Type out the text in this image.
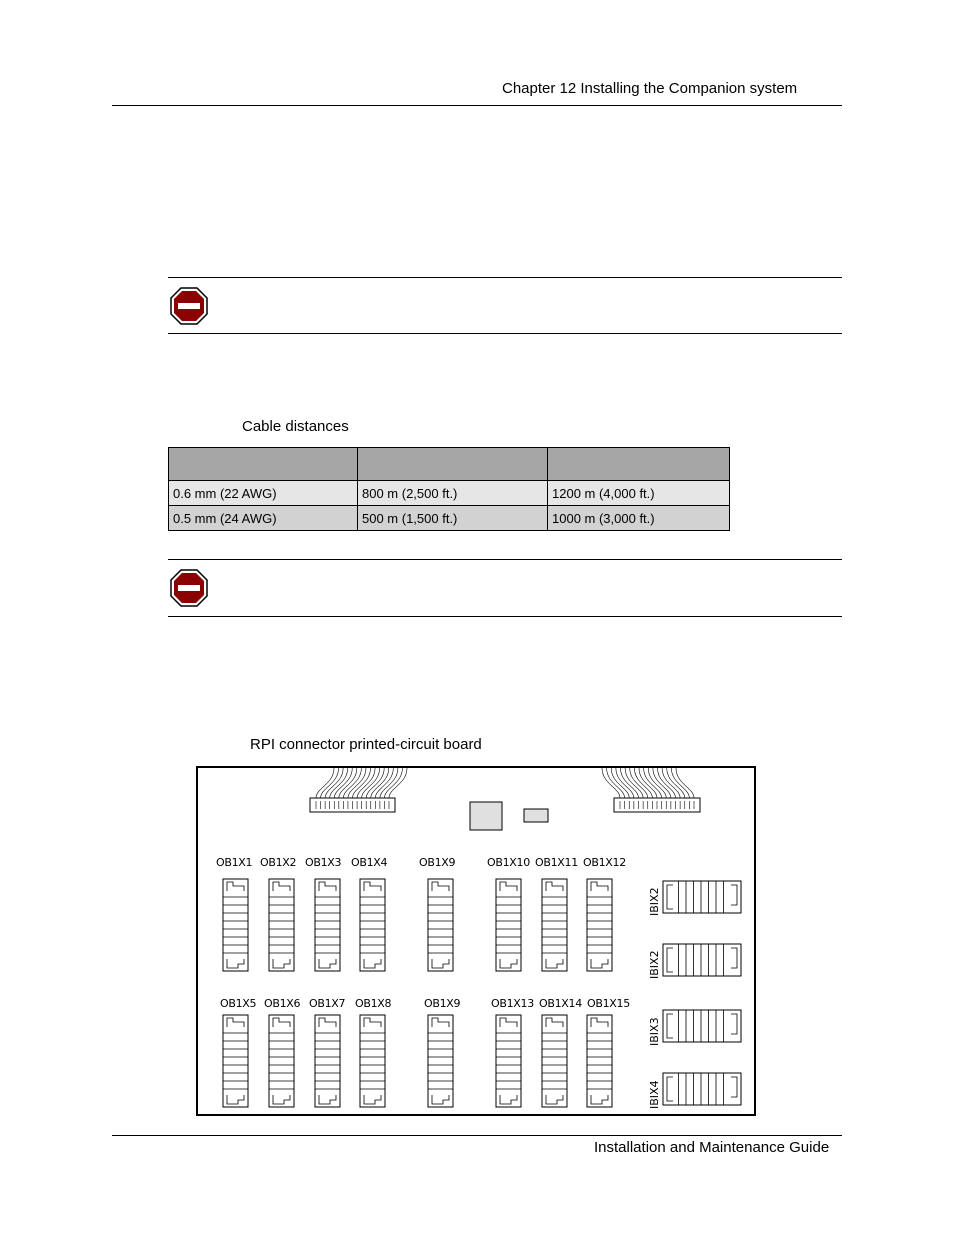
Chapter 12 Installing the Companion system
Cable distances

0.6 mm (22 AWG)	800 m (2,500 ft.)	1200 m (4,000 ft.)
0.5 mm (24 AWG)	500 m (1,500 ft.)	1000 m (3,000 ft.)
RPI connector printed-circuit board
OB1X1 OB1X2 OB1X3 OB1X4	OB1X9	OB1X10 OB1X11 OB1X12
OB1X5 OB1X6 OB1X7 OB1X8	OB1X9	OB1X13 OB1X14 OB1X15
IBIX2
IBIX2
IBIX3
IBIX4
Installation and Maintenance Guide
